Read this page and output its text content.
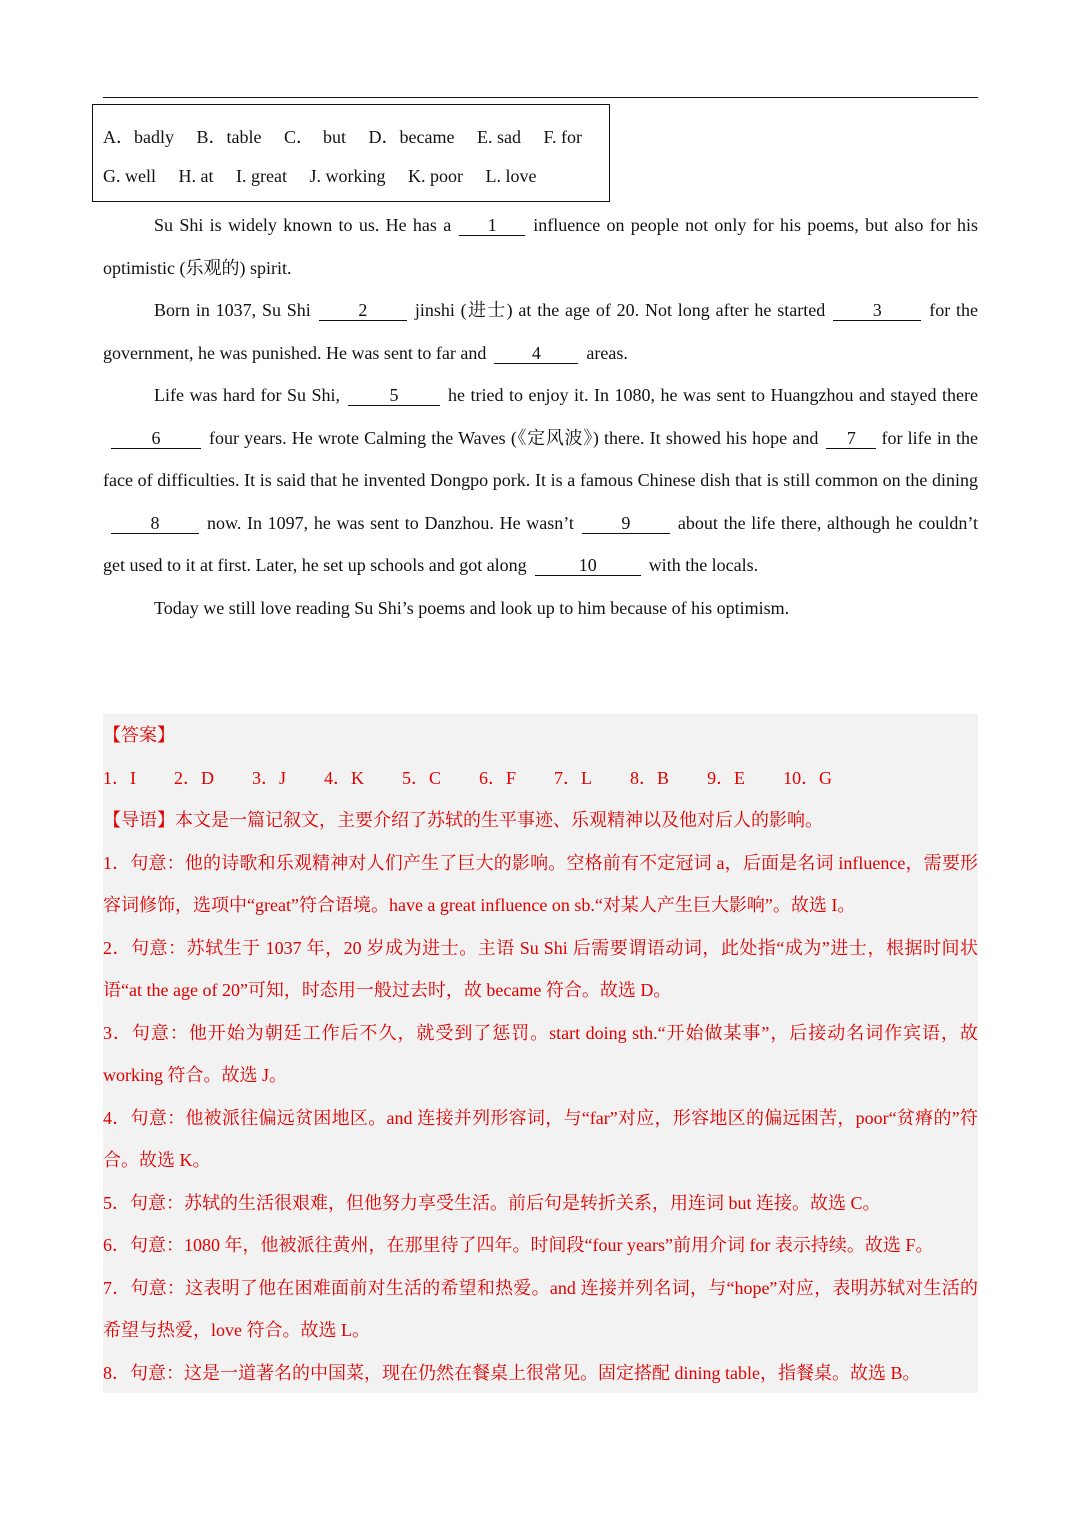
A．badly B．table C．  but D．became E. sad F. for
G. well H. at I. great J. working K. poor L. love

Su Shi is widely known to us. He has a 1 influence on people not only for his poems, but also for his optimistic (乐观的) spirit.

Born in 1037, Su Shi	2	jinshi (进士) at the age of 20. Not long after he started	3	for the government, he was punished. He was sent to far and	4	areas.

Life was hard for Su Shi,	5	he tried to enjoy it. In 1080, he was sent to Huangzhou and stayed there6	four years. He wrote Calming the Waves (《定风波》) there. It showed his hope and 7 for life in the face of difficulties. It is said that he invented Dongpo pork. It is a famous Chinese dish that is still common on the dining8	now. In 1097, he was sent to Danzhou. He wasn’t	9	about the life there, although he couldn’t get used to it at first. Later, he set up schools and got along	10	with the locals.

Today we still love reading Su Shi’s poems and look up to him because of his optimism.

【答案】

1．I 2．D 3．J 4．K 5．C 6．F 7．L 8．B 9．E 10．G

【导语】本文是一篇记叙文，主要介绍了苏轼的生平事迹、乐观精神以及他对后人的影响。

1．句意：他的诗歌和乐观精神对人们产生了巨大的影响。空格前有不定冠词 a，后面是名词 influence，需要形容词修饰，选项中“great”符合语境。have a great influence on sb.“对某人产生巨大影响”。故选 I。

2．句意：苏轼生于 1037 年，20 岁成为进士。主语 Su Shi 后需要谓语动词，此处指“成为”进士，根据时间状语“at the age of 20”可知，时态用一般过去时，故 became 符合。故选 D。

3．句意：他开始为朝廷工作后不久，就受到了惩罚。start doing sth.“开始做某事”，后接动名词作宾语，故 working 符合。故选 J。

4．句意：他被派往偏远贫困地区。and 连接并列形容词，与“far”对应，形容地区的偏远困苦，poor“贫瘠的”符合。故选 K。

5．句意：苏轼的生活很艰难，但他努力享受生活。前后句是转折关系，用连词 but 连接。故选 C。

6．句意：1080 年，他被派往黄州，在那里待了四年。时间段“four years”前用介词 for 表示持续。故选 F。

7．句意：这表明了他在困难面前对生活的希望和热爱。and 连接并列名词，与“hope”对应，表明苏轼对生活的希望与热爱，love 符合。故选 L。

8．句意：这是一道著名的中国菜，现在仍然在餐桌上很常见。固定搭配 dining table，指餐桌。故选 B。
